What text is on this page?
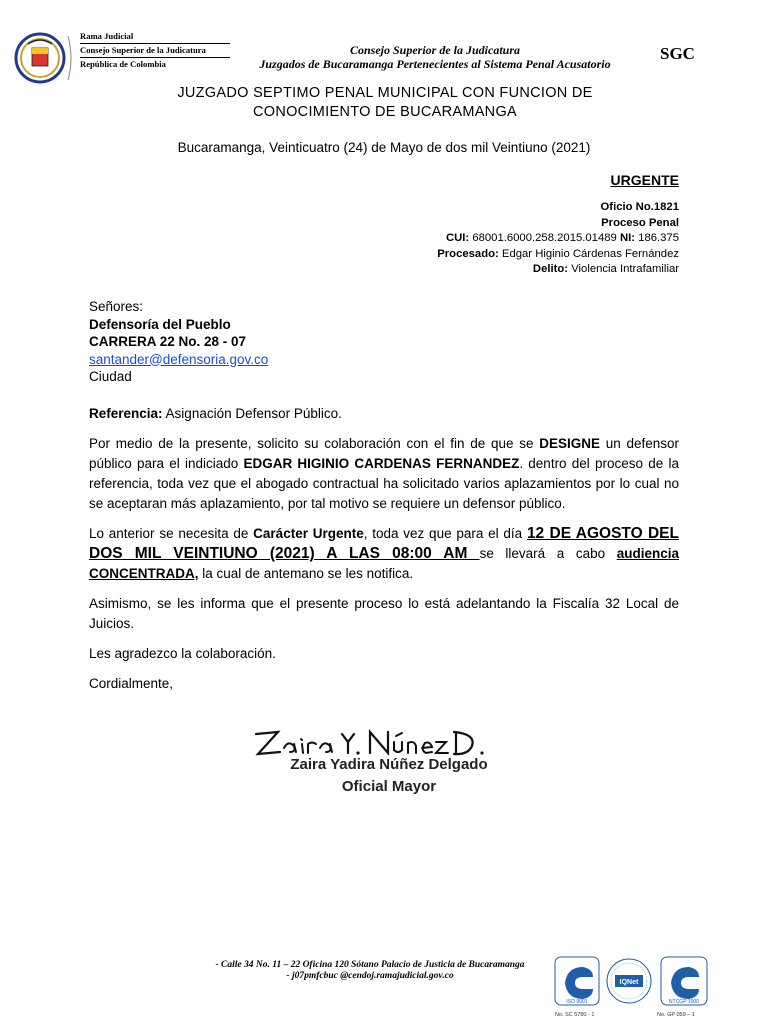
Rama Judicial
Consejo Superior de la Judicatura
República de Colombia
Consejo Superior de la Judicatura
Juzgados de Bucaramanga Pertenecientes al Sistema Penal Acusatorio
SGC
JUZGADO SEPTIMO PENAL MUNICIPAL CON FUNCION DE
CONOCIMIENTO DE BUCARAMANGA
Bucaramanga, Veinticuatro (24) de Mayo de dos mil Veintiuno (2021)
URGENTE
Oficio No.1821
Proceso Penal
CUI: 68001.6000.258.2015.01489 NI: 186.375
Procesado: Edgar Higinio Cárdenas Fernández
Delito: Violencia Intrafamiliar
Señores:
Defensoría del Pueblo
CARRERA 22 No. 28 - 07
santander@defensoria.gov.co
Ciudad

Referencia: Asignación Defensor Público.

Por medio de la presente, solicito su colaboración con el fin de que se DESIGNE un defensor público para el indiciado EDGAR HIGINIO CARDENAS FERNANDEZ. dentro del proceso de la referencia, toda vez que el abogado contractual ha solicitado varios aplazamientos por lo cual no se aceptaran más aplazamiento, por tal motivo se requiere un defensor público.

Lo anterior se necesita de Carácter Urgente, toda vez que para el día 12 DE AGOSTO DEL DOS MIL VEINTIUNO (2021) A LAS 08:00 AM se llevará a cabo audiencia CONCENTRADA, la cual de antemano se les notifica.

Asimismo, se les informa que el presente proceso lo está adelantando la Fiscalía 32 Local de Juicios.

Les agradezco la colaboración.

Cordialmente,

Zaira Yadira Núñez Delgado
Oficial Mayor
- Calle 34 No. 11 – 22 Oficina 120 Sótano Palacio de Justicia de Bucaramanga
- j07pmfcbuc @cendoj.ramajudicial.gov.co
ISO 9001
IQNet
NTCGP 1000
No. SC 5780 - 1	No. GP 059 – 1
